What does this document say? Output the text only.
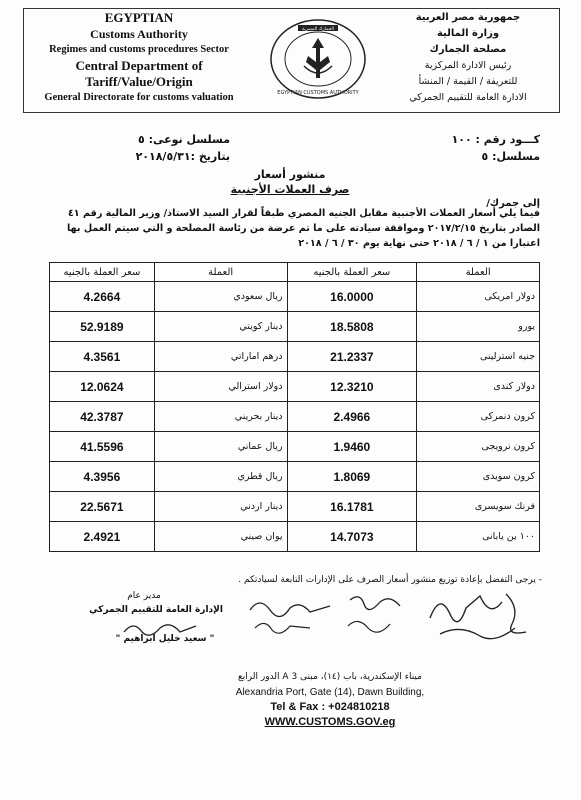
EGYPTIAN
Customs Authority
Regimes and customs procedures Sector
Central Department of
Tariff/Value/Origin
General Directorate for customs valuation
الجمارك المصرية
EGYPTIAN CUSTOMS AUTHORITY
جمهورية مصر العربية
وزارة المالية
مصلحة الجمارك
رئيس الادارة المركزية
للتعريفة / القيمة / المنشأ
الادارة العامة للتقييم الجمركي
كـــود رقم : ١٠٠
مسلسل: ٥
مسلسل نوعى: ٥
بتاريخ :٢٠١٨/٥/٣١
منشور أسعار
صرف العملات الأجنبية
إلى جمرك/
فيما يلي أسعار العملات الأجنبية مقابل الجنيه المصري طبقاً لقرار السيد الاستاذ/ وزير المالية رقم ٤١ الصادر بتاريخ ٢٠١٧/٢/١٥ وموافقة سيادته على ما تم عرضة من رئاسة المصلحة و التي سيتم العمل بها اعتبارا من ١ / ٦ / ٢٠١٨ حتى نهاية يوم ٣٠ / ٦ / ٢٠١٨
سعر العملة بالجنيه	العملة	سعر العملة بالجنيه	العملة
4.2664	ريال سعودي	16.0000	دولار امريكى
52.9189	دينار كويتي	18.5808	يورو
4.3561	درهم اماراتي	21.2337	جنيه استرلينى
12.0624	دولار استرالي	12.3210	دولار كندى
42.3787	دينار بحريني	2.4966	كرون دنمركى
41.5596	ريال عماني	1.9460	كرون نرويجى
4.3956	ريال قطري	1.8069	كرون سويدى
22.5671	دينار اردني	16.1781	فرنك سويسرى
2.4921	يوان صيني	14.7073	١٠٠ ين يابانى
- يرجى التفضل بإعادة توزيع منشور أسعار الصرف على الإدارات التابعة لسيادتكم .
مدير عام
الإدارة العامة للتقييم الجمركي
" سعيد خليل ابراهيم "
ميناء الإسكندرية، باب (١٤)، مبنى 3 A الدور الرابع
Alexandria Port, Gate (14), Dawn Building,
Tel & Fax : +024810218
WWW.CUSTOMS.GOV.eg
